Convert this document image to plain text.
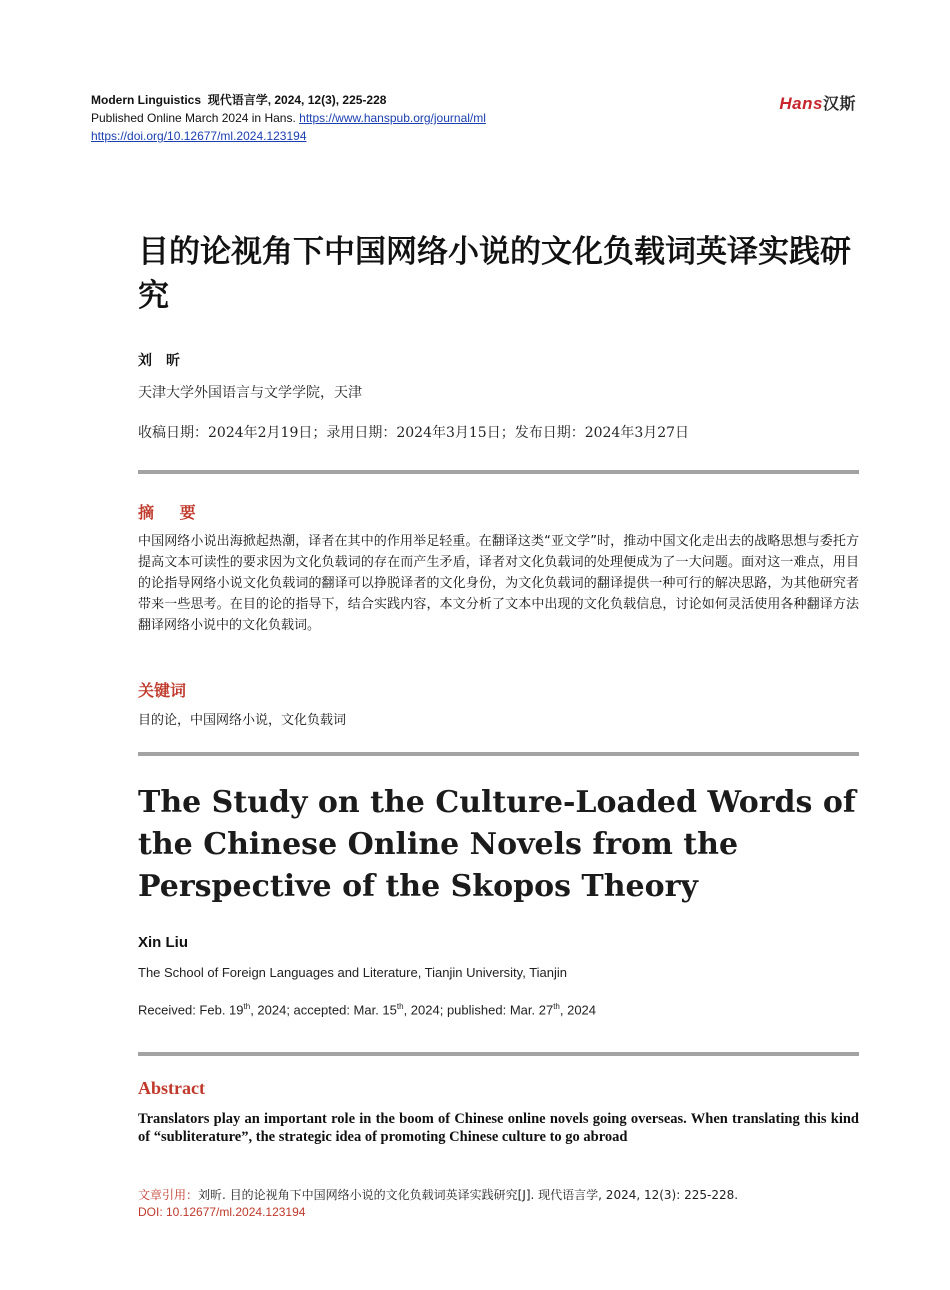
Modern Linguistics 现代语言学, 2024, 12(3), 225-228
Published Online March 2024 in Hans. https://www.hanspub.org/journal/ml
https://doi.org/10.12677/ml.2024.123194
Hans汉斯
目的论视角下中国网络小说的文化负载词英译实践研究
刘昕
天津大学外国语言与文学学院，天津
收稿日期：2024年2月19日；录用日期：2024年3月15日；发布日期：2024年3月27日
摘 要
中国网络小说出海掀起热潮，译者在其中的作用举足轻重。在翻译这类“亚文学”时，推动中国文化走出去的战略思想与委托方提高文本可读性的要求因为文化负载词的存在而产生矛盾，译者对文化负载词的处理便成为了一大问题。面对这一难点，用目的论指导网络小说文化负载词的翻译可以挣脱译者的文化身份，为文化负载词的翻译提供一种可行的解决思路，为其他研究者带来一些思考。在目的论的指导下，结合实践内容，本文分析了文本中出现的文化负载信息，讨论如何灵活使用各种翻译方法翻译网络小说中的文化负载词。
关键词
目的论，中国网络小说，文化负载词
The Study on the Culture-Loaded Words of the Chinese Online Novels from the Perspective of the Skopos Theory
Xin Liu
The School of Foreign Languages and Literature, Tianjin University, Tianjin
Received: Feb. 19th, 2024; accepted: Mar. 15th, 2024; published: Mar. 27th, 2024
Abstract
Translators play an important role in the boom of Chinese online novels going overseas. When translating this kind of “subliterature”, the strategic idea of promoting Chinese culture to go abroad
文章引用：刘昕. 目的论视角下中国网络小说的文化负载词英译实践研究[J]. 现代语言学, 2024, 12(3): 225-228.
DOI: 10.12677/ml.2024.123194
